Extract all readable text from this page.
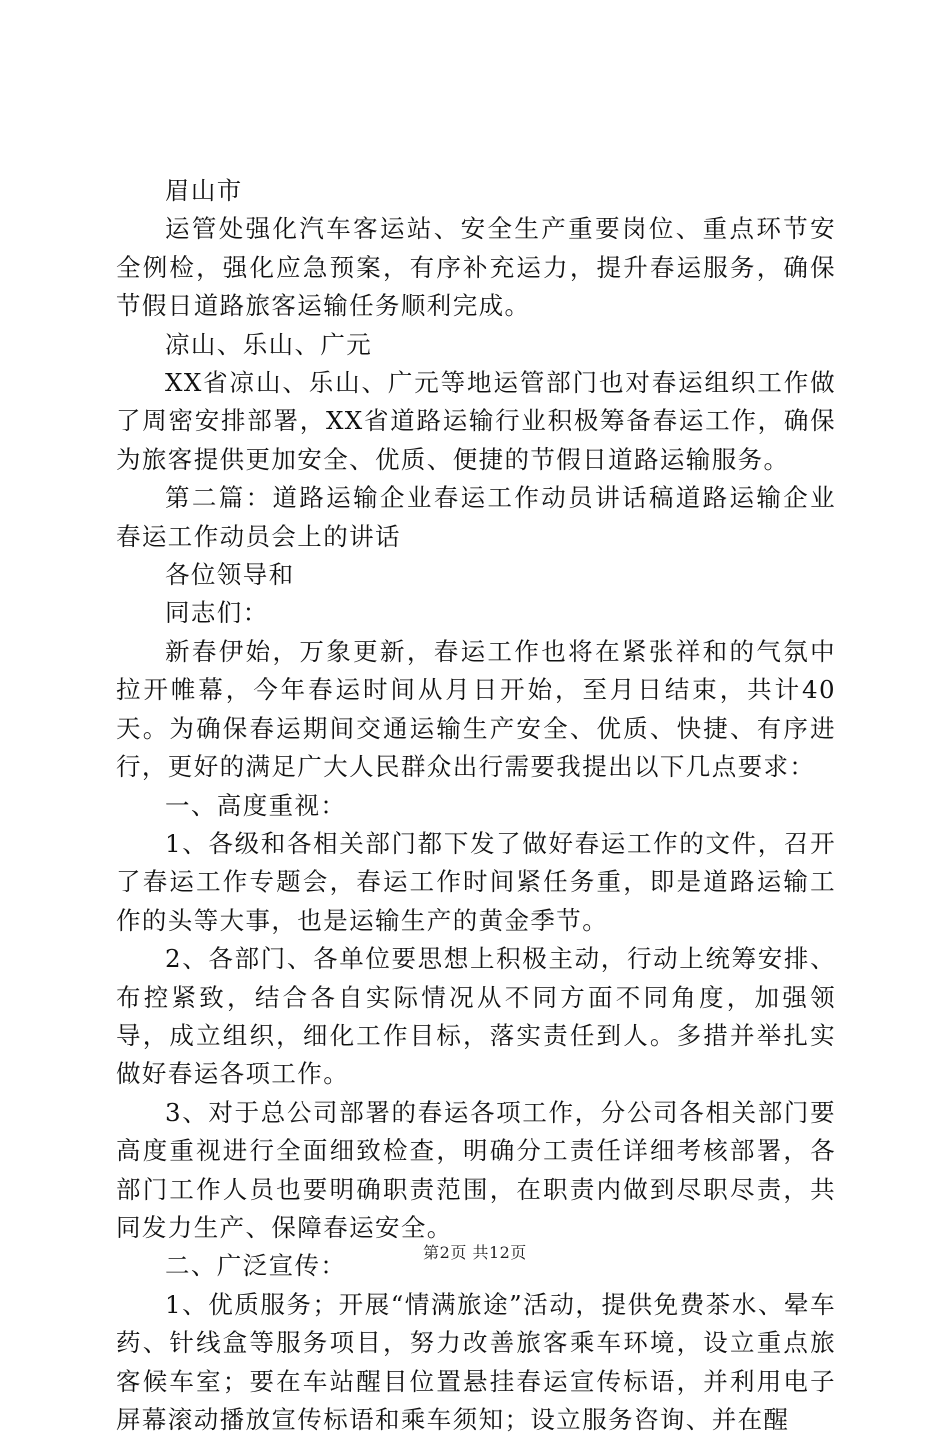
眉山市

运管处强化汽车客运站、安全生产重要岗位、重点环节安全例检，强化应急预案，有序补充运力，提升春运服务，确保节假日道路旅客运输任务顺利完成。

凉山、乐山、广元

XX省凉山、乐山、广元等地运管部门也对春运组织工作做了周密安排部署，XX省道路运输行业积极筹备春运工作，确保为旅客提供更加安全、优质、便捷的节假日道路运输服务。

第二篇：道路运输企业春运工作动员讲话稿道路运输企业春运工作动员会上的讲话

各位领导和

同志们：

新春伊始，万象更新，春运工作也将在紧张祥和的气氛中拉开帷幕，今年春运时间从月日开始，至月日结束，共计40天。为确保春运期间交通运输生产安全、优质、快捷、有序进行，更好的满足广大人民群众出行需要我提出以下几点要求：

一、高度重视：

1、各级和各相关部门都下发了做好春运工作的文件，召开了春运工作专题会，春运工作时间紧任务重，即是道路运输工作的头等大事，也是运输生产的黄金季节。

2、各部门、各单位要思想上积极主动，行动上统筹安排、布控紧致，结合各自实际情况从不同方面不同角度，加强领导，成立组织，细化工作目标，落实责任到人。多措并举扎实做好春运各项工作。

3、对于总公司部署的春运各项工作，分公司各相关部门要高度重视进行全面细致检查，明确分工责任详细考核部署，各部门工作人员也要明确职责范围，在职责内做到尽职尽责，共同发力生产、保障春运安全。

二、广泛宣传：

1、优质服务；开展“情满旅途”活动，提供免费茶水、晕车药、针线盒等服务项目，努力改善旅客乘车环境，设立重点旅客候车室；要在车站醒目位置悬挂春运宣传标语，并利用电子屏幕滚动播放宣传标语和乘车须知；设立服务咨询、并在醒

第2页 共12页
